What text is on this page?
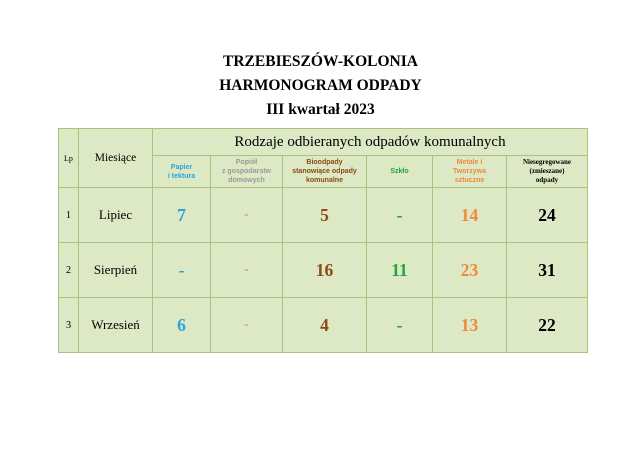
TRZEBIESZÓW-KOLONIA
HARMONOGRAM ODPADY
III kwartał 2023
Lp	Miesiące	Rodzaje odbieranych odpadów komunalnych					
		Papier
i tektura	Popiół
z gospodarstw
domowych	Bioodpady
stanowiące odpady
komunalne	Szkło	Metale i
Tworzywa
sztuczne	Niesegregowane
(zmieszane)
odpady
1	Lipiec	7	-	5	-	14	24
2	Sierpień	-	-	16	11	23	31
3	Wrzesień	6	-	4	-	13	22
